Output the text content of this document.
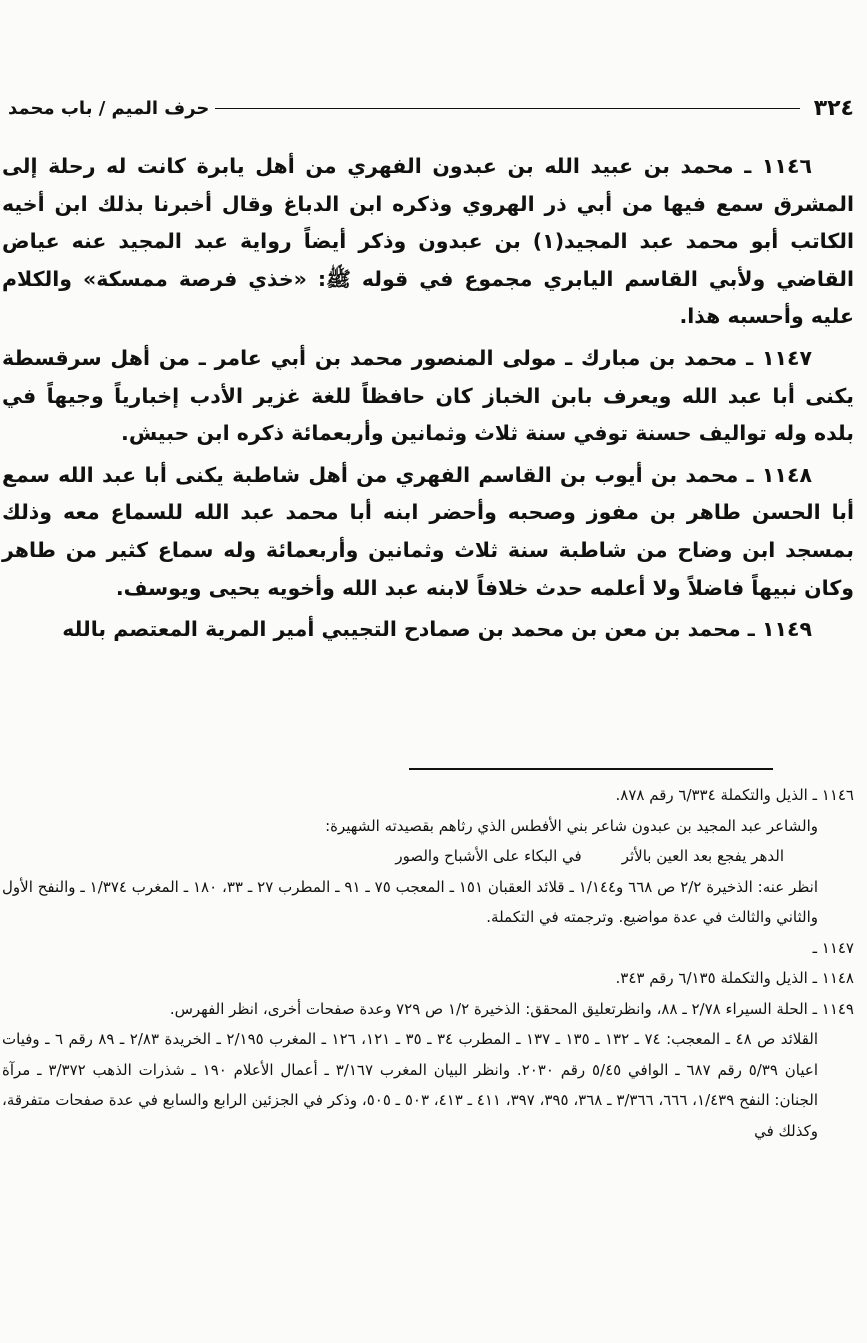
٣٢٤
حرف الميم / باب محمد

١١٤٦ ـ محمد بن عبيد الله بن عبدون الفهري من أهل يابرة كانت له رحلة إلى المشرق سمع فيها من أبي ذر الهروي وذكره ابن الدباغ وقال أخبرنا بذلك ابن أخيه الكاتب أبو محمد عبد المجيد(١) بن عبدون وذكر أيضاً رواية عبد المجيد عنه عياض القاضي ولأبي القاسم اليابري مجموع في قوله ﷺ: «خذي فرصة ممسكة» والكلام عليه وأحسبه هذا.

١١٤٧ ـ محمد بن مبارك ـ مولى المنصور محمد بن أبي عامر ـ من أهل سرقسطة يكنى أبا عبد الله ويعرف بابن الخباز كان حافظاً للغة غزير الأدب إخبارياً وجيهاً في بلده وله تواليف حسنة توفي سنة ثلاث وثمانين وأربعمائة ذكره ابن حبيش.

١١٤٨ ـ محمد بن أيوب بن القاسم الفهري من أهل شاطبة يكنى أبا عبد الله سمع أبا الحسن طاهر بن مفوز وصحبه وأحضر ابنه أبا محمد عبد الله للسماع معه وذلك بمسجد ابن وضاح من شاطبة سنة ثلاث وثمانين وأربعمائة وله سماع كثير من طاهر وكان نبيهاً فاضلاً ولا أعلمه حدث خلافاً لابنه عبد الله وأخويه يحيى ويوسف.

١١٤٩ ـ محمد بن معن بن محمد بن صمادح التجيبي أمير المرية المعتصم بالله

١١٤٦ ـ الذيل والتكملة ٦/٣٣٤ رقم ٨٧٨.

والشاعر عبد المجيد بن عبدون شاعر بني الأفطس الذي رثاهم بقصيدته الشهيرة:

الدهر يفجع بعد العين بالأثر
في البكاء على الأشباح والصور

انظر عنه: الذخيرة ٢/٢ ص ٦٦٨ و١/١٤٤ ـ قلائد العقبان ١٥١ ـ المعجب ٧٥ ـ ٩١ ـ المطرب ٢٧ ـ ٣٣، ١٨٠ ـ المغرب ١/٣٧٤ ـ والنفح الأول والثاني والثالث في عدة مواضيع. وترجمته في التكملة.

١١٤٧ ـ

١١٤٨ ـ الذيل والتكملة ٦/١٣٥ رقم ٣٤٣.

١١٤٩ ـ الحلة السيراء ٢/٧٨ ـ ٨٨، وانظرتعليق المحقق: الذخيرة ١/٢ ص ٧٢٩ وعدة صفحات أخرى، انظر الفهرس.

القلائد ص ٤٨ ـ المعجب: ٧٤ ـ ١٣٢ ـ ١٣٥ ـ ١٣٧ ـ المطرب ٣٤ ـ ٣٥ ـ ١٢١، ١٢٦ ـ المغرب ٢/١٩٥ ـ الخريدة ٢/٨٣ ـ ٨٩ رقم ٦ ـ وفيات اعيان ٥/٣٩ رقم ٦٨٧ ـ الوافي ٥/٤٥ رقم ٢٠٣٠. وانظر البيان المغرب ٣/١٦٧ ـ أعمال الأعلام ١٩٠ ـ شذرات الذهب ٣/٣٧٢ ـ مرآة الجنان: النفح ١/٤٣٩، ٦٦٦، ٣/٣٦٦ ـ ٣٦٨، ٣٩٥، ٣٩٧، ٤١١ ـ ٤١٣، ٥٠٣ ـ ٥٠٥، وذكر في الجزئين الرابع والسابع في عدة صفحات متفرقة، وكذلك في
